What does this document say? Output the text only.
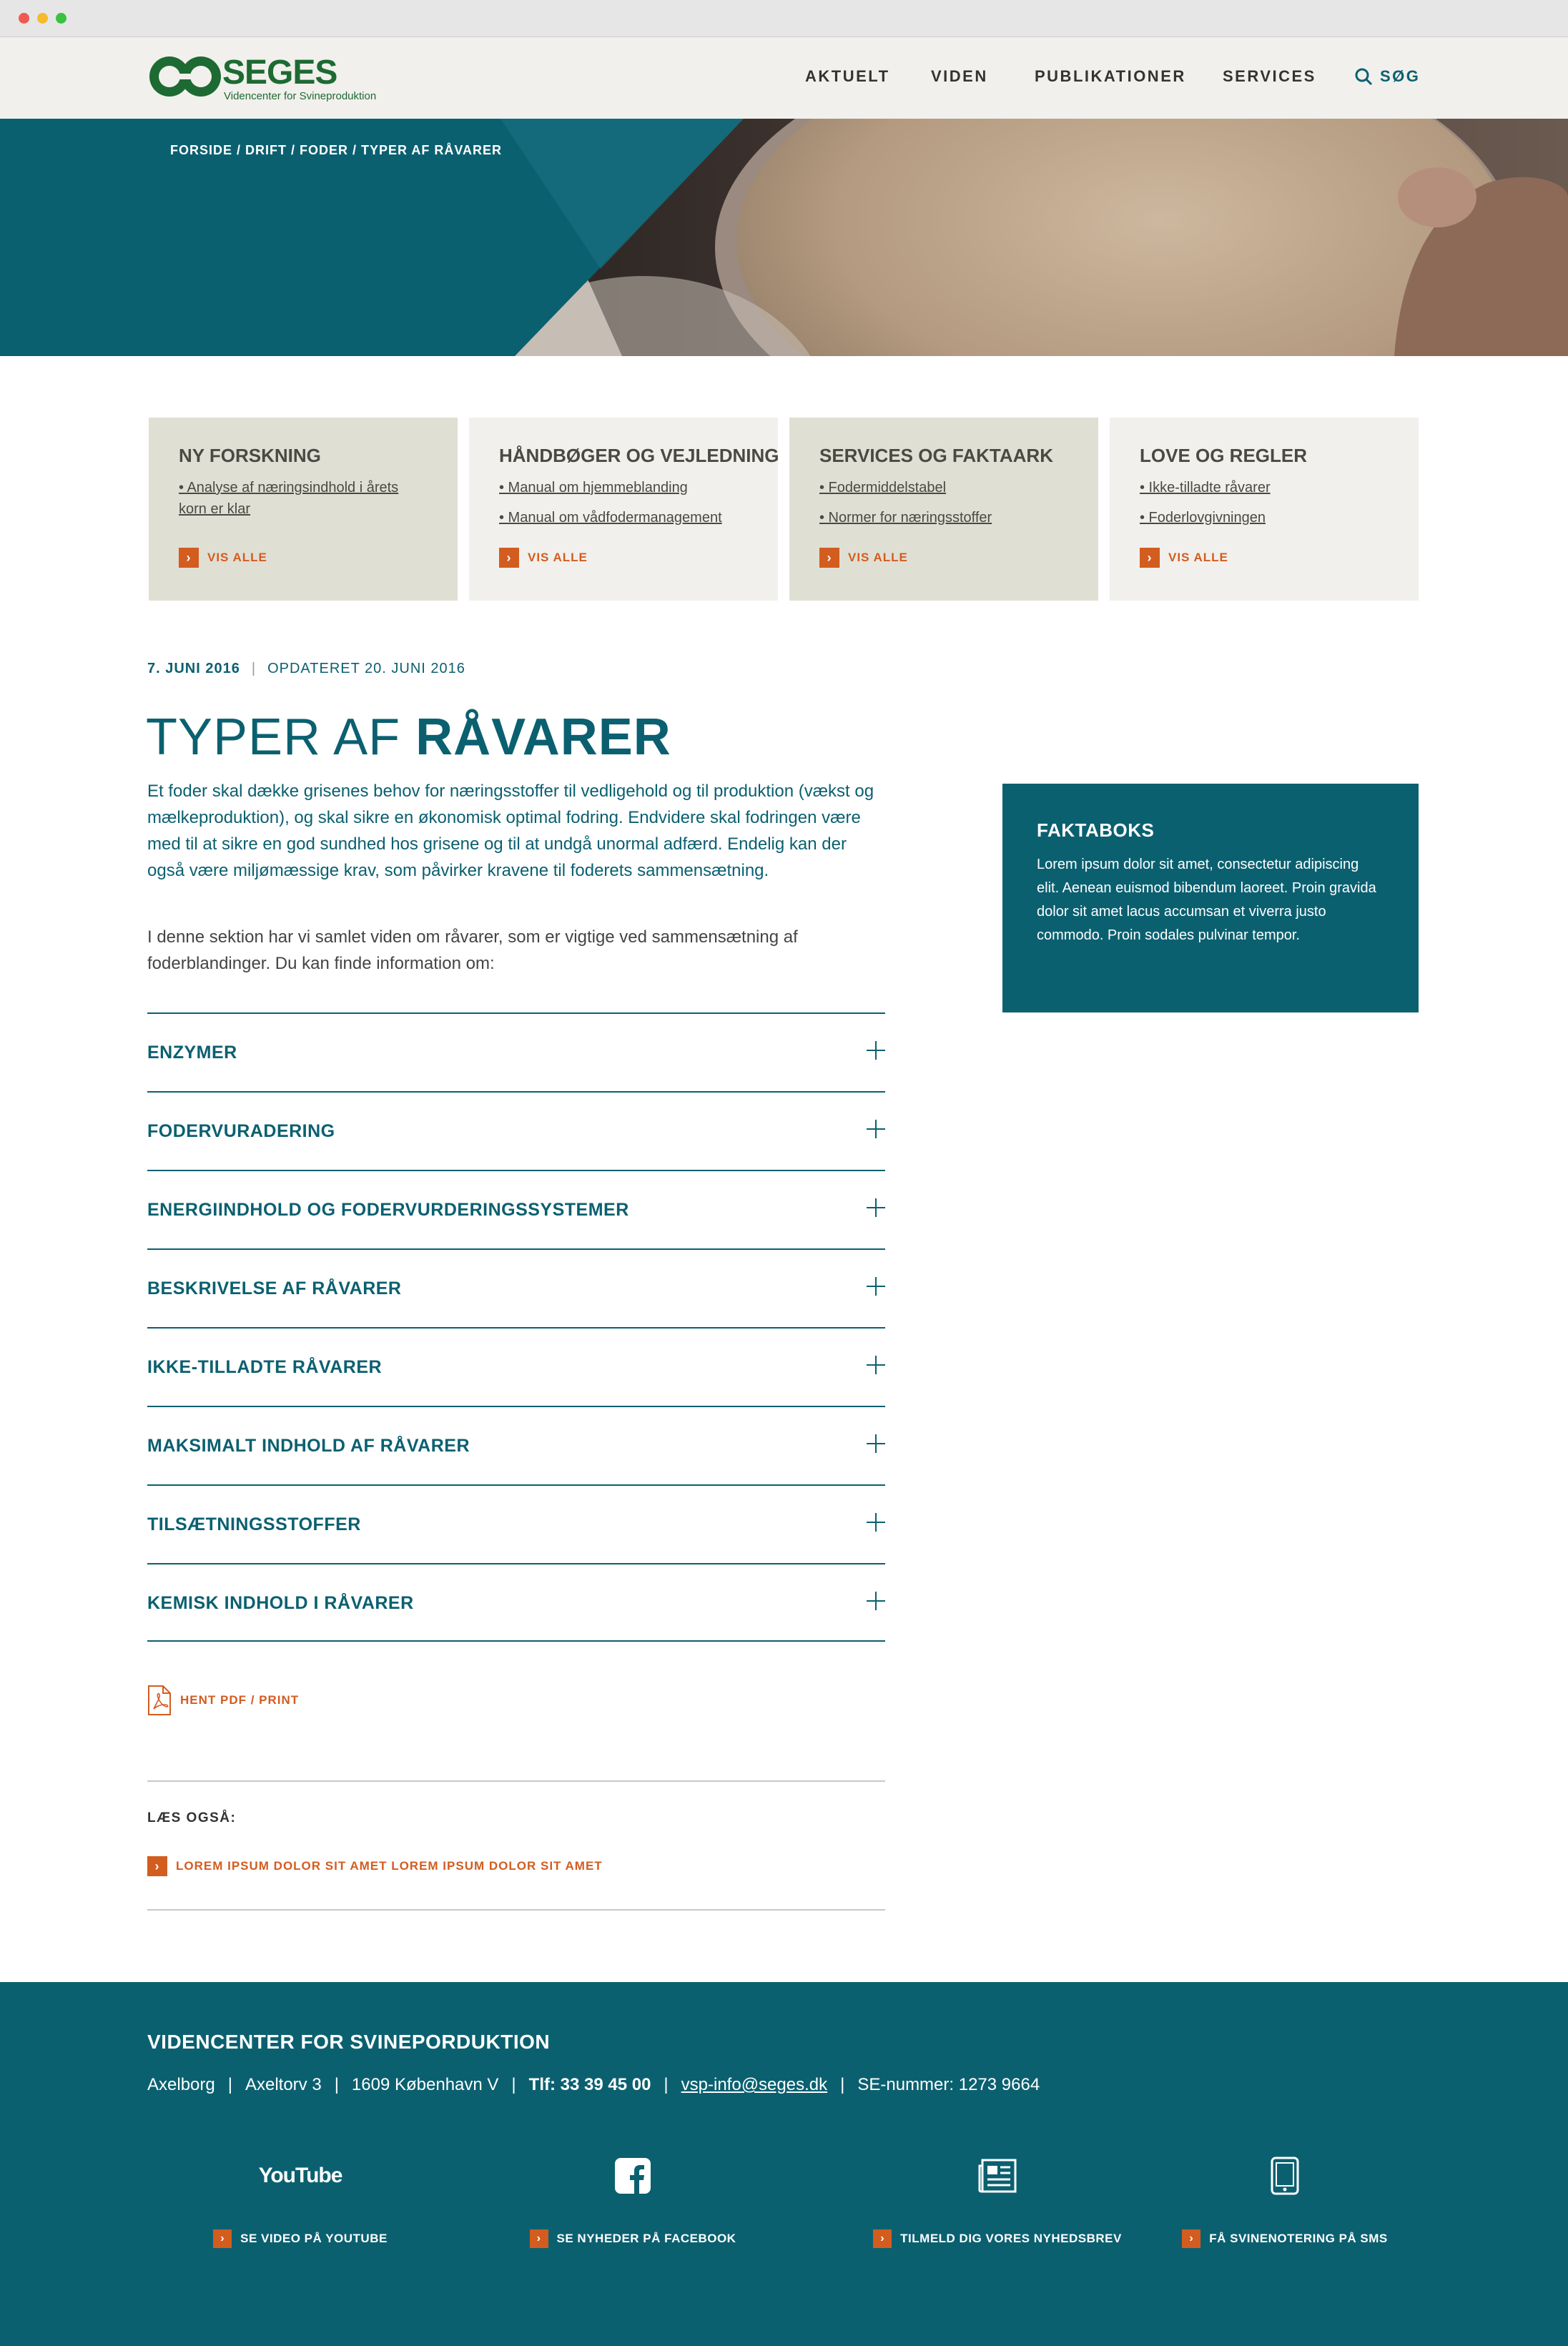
SEGES
Videncenter for Svineproduktion
AKTUELT	VIDEN	PUBLIKATIONER SERVICES	SØG
FORSIDE / DRIFT / FODER / TYPER AF RÅVARER
NY FORSKNING
• Analyse af næringsindhold i årets korn er klar
›	VIS ALLE
HÅNDBØGER OG VEJLEDNING
• Manual om hjemmeblanding
• Manual om vådfodermanagement
›	VIS ALLE
SERVICES OG FAKTAARK
• Fodermiddelstabel
• Normer for næringsstoffer
›	VIS ALLE
LOVE OG REGLER
• Ikke-tilladte råvarer
• Foderlovgivningen
›	VIS ALLE
7. JUNI 2016 | OPDATERET 20. JUNI 2016
TYPER AF RÅVARER

Et foder skal dække grisenes behov for næringsstoffer til vedligehold og til produktion (vækst og mælkeproduktion), og skal sikre en økonomisk optimal fodring. Endvidere skal fodringen være med til at sikre en god sundhed hos grisene og til at undgå unormal adfærd. Endelig kan der også være miljømæssige krav, som påvirker kravene til foderets sammensætning.

I denne sektion har vi samlet viden om råvarer, som er vigtige ved sammensætning af foderblandinger. Du kan finde information om:

FAKTABOKS
Lorem ipsum dolor sit amet, consectetur adipiscing elit. Aenean euismod bibendum laoreet. Proin gravida dolor sit amet lacus accumsan et viverra justo commodo. Proin sodales pulvinar tempor.
ENZYMER
FODERVURADERING
ENERGIINDHOLD OG FODERVURDERINGSSYSTEMER
BESKRIVELSE AF RÅVARER
IKKE-TILLADTE RÅVARER
MAKSIMALT INDHOLD AF RÅVARER
TILSÆTNINGSSTOFFER
KEMISK INDHOLD I RÅVARER
HENT PDF / PRINT
LÆS OGSÅ:
›	LOREM IPSUM DOLOR SIT AMET LOREM IPSUM DOLOR SIT AMET
VIDENCENTER FOR SVINEPORDUKTION
Axelborg | Axeltorv 3 | 1609 København V | Tlf: 33 39 45 00 | vsp-info@seges.dk | SE-nummer: 1273 9664
YouTube
›	SE VIDEO PÅ YOUTUBE	›	SE NYHEDER PÅ FACEBOOK	›	TILMELD DIG VORES NYHEDSBREV	›	FÅ SVINENOTERING PÅ SMS
